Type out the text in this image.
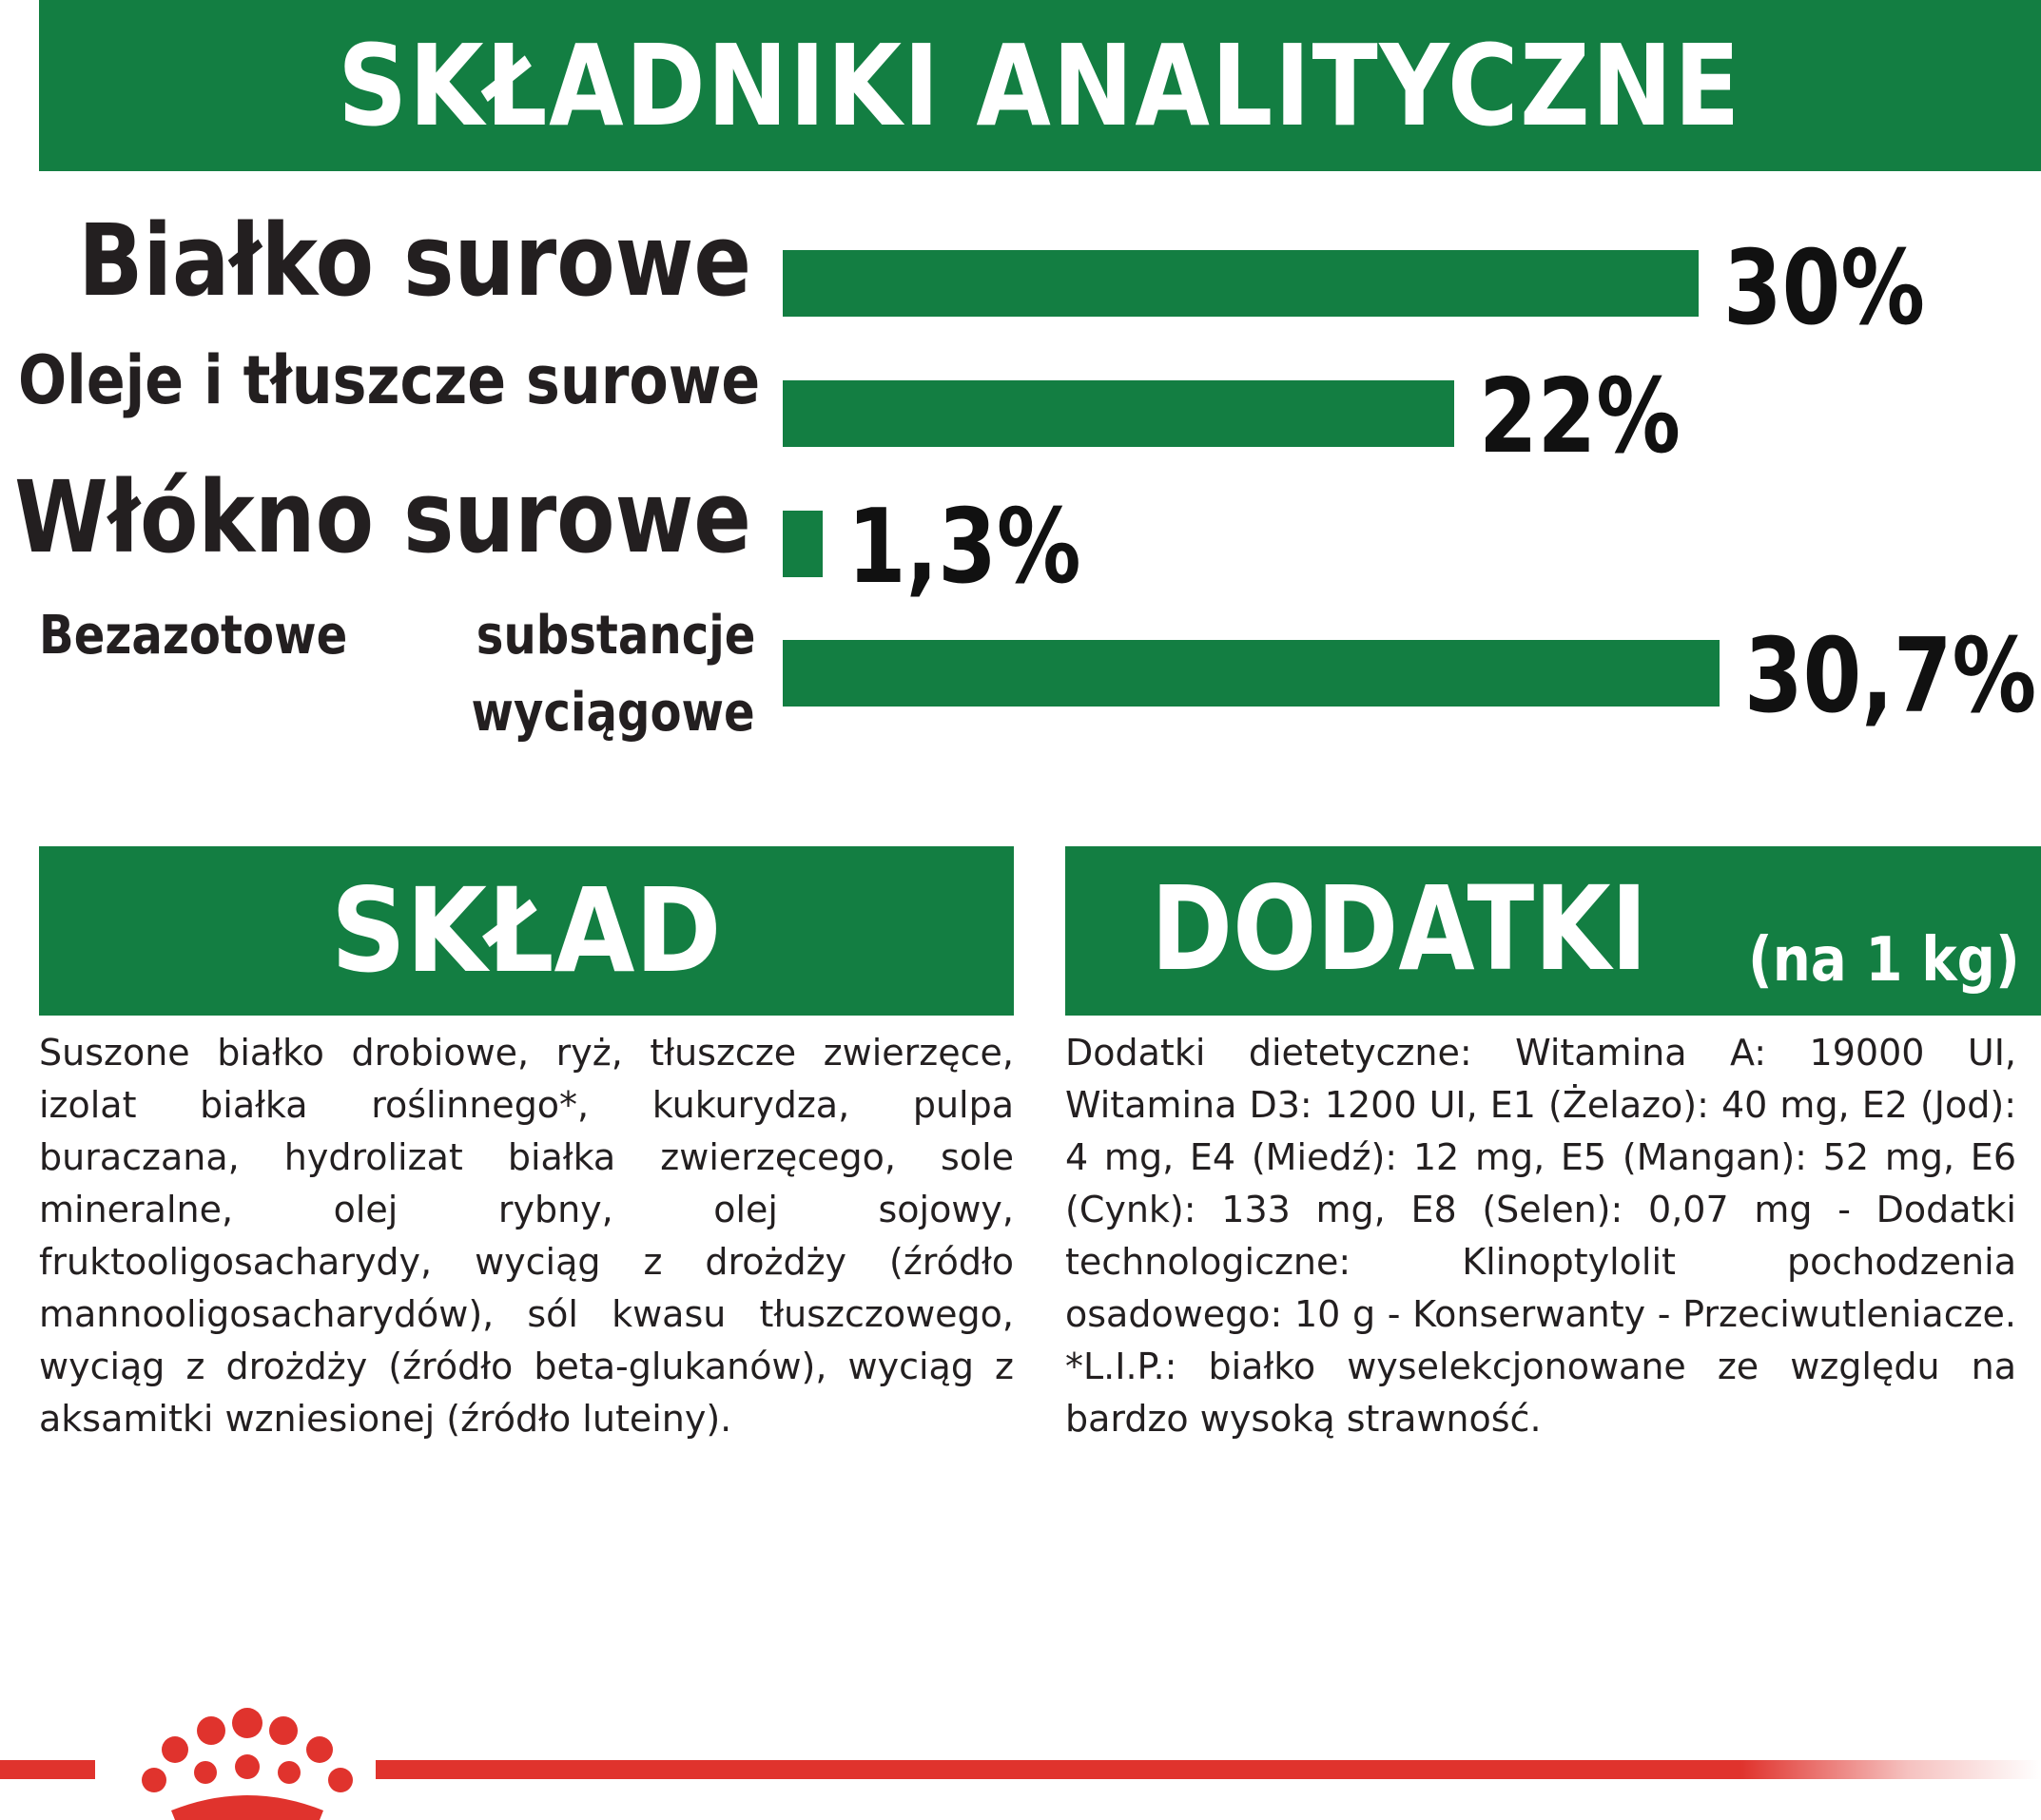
SKŁADNIKI ANALITYCZNE
30%
Białko surowe
22%
Oleje i tłuszcze surowe
1,3%
Włókno surowe
30,7%
Bezazotowe substancje
wyciągowe
SKŁAD
Suszone białko drobiowe, ryż, tłuszcze zwierzęce, izolat białka roślinnego*, kukurydza, pulpa buraczana, hydrolizat białka zwierzęcego, sole mineralne, olej rybny, olej sojowy, fruktooligosacharydy, wyciąg z drożdży (źródło mannooligosacharydów), sól kwasu tłuszczowego, wyciąg z drożdży (źródło beta-glukanów), wyciąg z aksamitki wzniesionej (źródło luteiny).
DODATKI (na 1 kg)
Dodatki dietetyczne: Witamina A: 19000 UI, Witamina D3: 1200 UI, E1 (Żelazo): 40 mg, E2 (Jod): 4 mg, E4 (Miedź): 12 mg, E5 (Mangan): 52 mg, E6 (Cynk): 133 mg, E8 (Selen): 0,07 mg - Dodatki technologiczne: Klinoptylolit pochodzenia osadowego: 10 g - Konserwanty - Przeciwutleniacze. *L.I.P.: białko wyselekcjonowane ze względu na bardzo wysoką strawność.
